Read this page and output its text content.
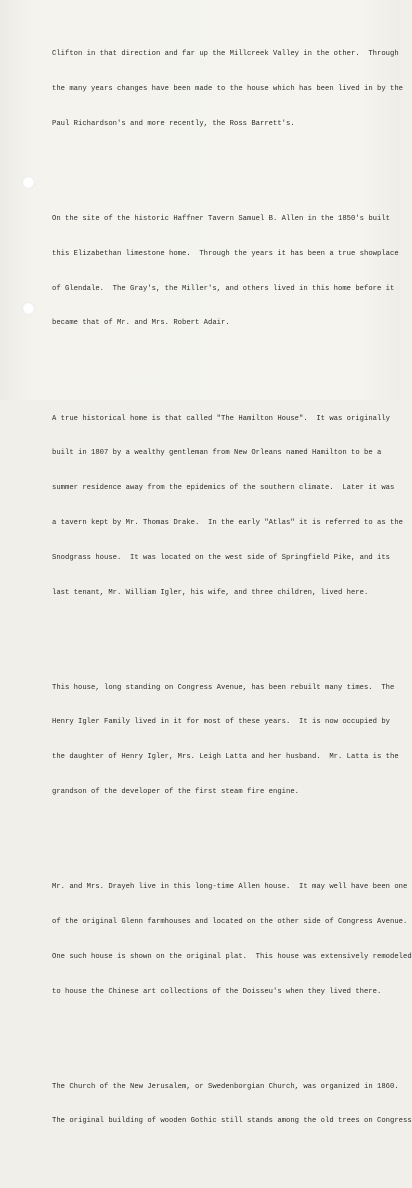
Clifton in that direction and far up the Millcreek Valley in the other.  Through

the many years changes have been made to the house which has been lived in by the

Paul Richardson's and more recently, the Ross Barrett's.

On the site of the historic Haffner Tavern Samuel B. Allen in the 1850's built

this Elizabethan limestone home.  Through the years it has been a true showplace

of Glendale.  The Gray's, the Miller's, and others lived in this home before it

became that of Mr. and Mrs. Robert Adair.

A true historical home is that called "The Hamilton House".  It was originally

built in 1807 by a wealthy gentleman from New Orleans named Hamilton to be a

summer residence away from the epidemics of the southern climate.  Later it was

a tavern kept by Mr. Thomas Drake.  In the early "Atlas" it is referred to as the

Snodgrass house.  It was located on the west side of Springfield Pike, and its

last tenant, Mr. William Igler, his wife, and three children, lived here.

This house, long standing on Congress Avenue, has been rebuilt many times.  The

Henry Igler Family lived in it for most of these years.  It is now occupied by

the daughter of Henry Igler, Mrs. Leigh Latta and her husband.  Mr. Latta is the

grandson of the developer of the first steam fire engine.

Mr. and Mrs. Drayeh live in this long-time Allen house.  It may well have been one

of the original Glenn farmhouses and located on the other side of Congress Avenue.

One such house is shown on the original plat.  This house was extensively remodeled

to house the Chinese art collections of the Doisseu's when they lived there.

The Church of the New Jerusalem, or Swedenborgian Church, was organized in 1860.

The original building of wooden Gothic still stands among the old trees on Congress
